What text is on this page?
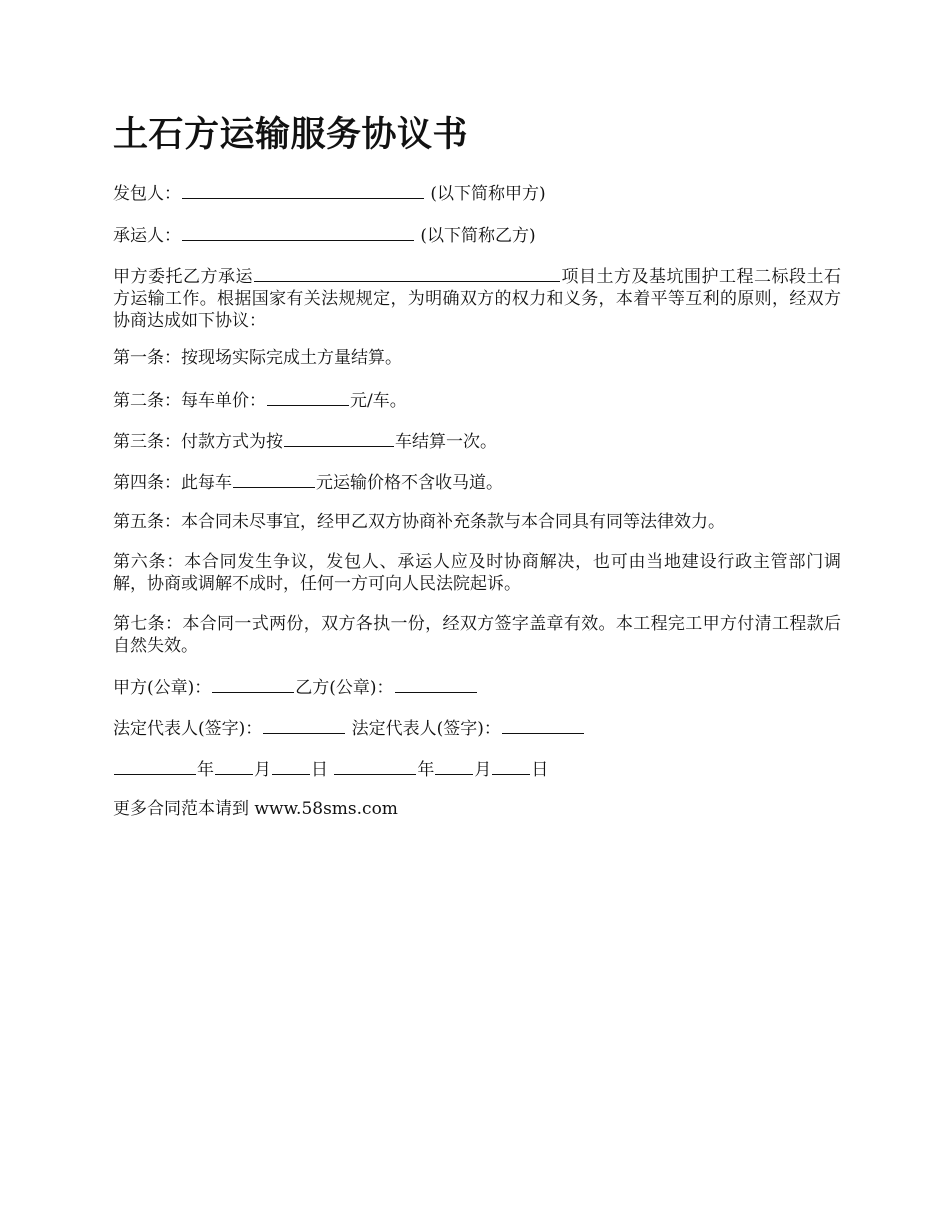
土石方运输服务协议书
发包人：	(以下简称甲方)
承运人：	(以下简称乙方)
甲方委托乙方承运	项目土方及基坑围护工程二标段土石方运输工作。根据国家有关法规规定，为明确双方的权力和义务，本着平等互利的原则，经双方协商达成如下协议：
第一条：按现场实际完成土方量结算。
第二条：每车单价：	元/车。
第三条：付款方式为按	车结算一次。
第四条：此每车	元运输价格不含收马道。
第五条：本合同未尽事宜，经甲乙双方协商补充条款与本合同具有同等法律效力。
第六条：本合同发生争议，发包人、承运人应及时协商解决，也可由当地建设行政主管部门调解，协商或调解不成时，任何一方可向人民法院起诉。
第七条：本合同一式两份，双方各执一份，经双方签字盖章有效。本工程完工甲方付清工程款后自然失效。
甲方(公章)：	乙方(公章)：
法定代表人(签字)：	法定代表人(签字)：
年 月 日	年 月 日
更多合同范本请到 www.58sms.com
